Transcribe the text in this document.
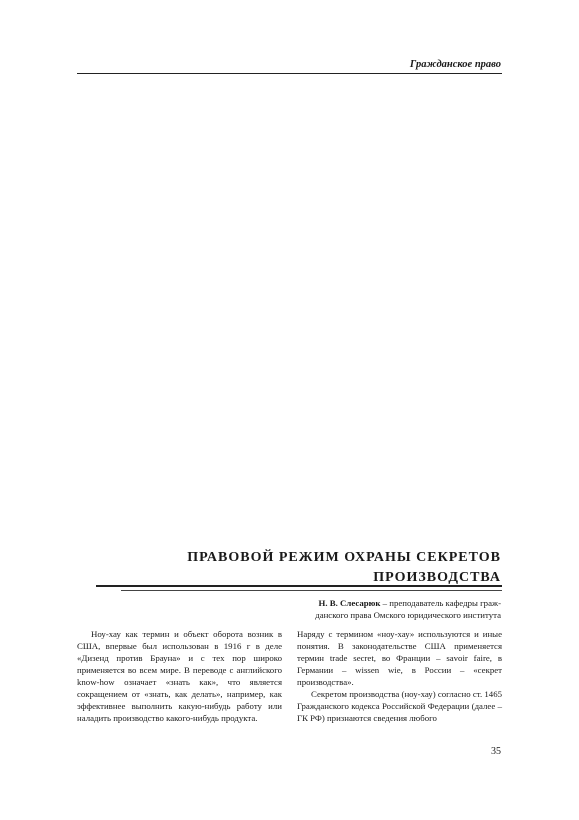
Гражданское право
ПРАВОВОЙ РЕЖИМ ОХРАНЫ СЕКРЕТОВ
ПРОИЗВОДСТВА
Н. В. Слесарюк – преподаватель кафедры граж-
данского права Омского юридического института

Ноу-хау как термин и объект оборота возник в США, впервые был использован в 1916 г в деле «Дизенд против Брауна» и с тех пор широко применяется во всем мире. В переводе с английского know-how означает «знать как», что является сокращением от «знать, как делать», например, как эффективнее выполнить какую-нибудь работу или наладить производство какого-нибудь продукта.

Наряду с термином «ноу-хау» используются и иные понятия. В законодательстве США применяется термин trade secret, во Франции – savoir faire, в Германии – wissen wie, в России – «секрет производства».

Секретом производства (ноу-хау) согласно ст. 1465 Гражданского кодекса Российской Федерации (далее – ГК РФ) признаются сведения любого

35
